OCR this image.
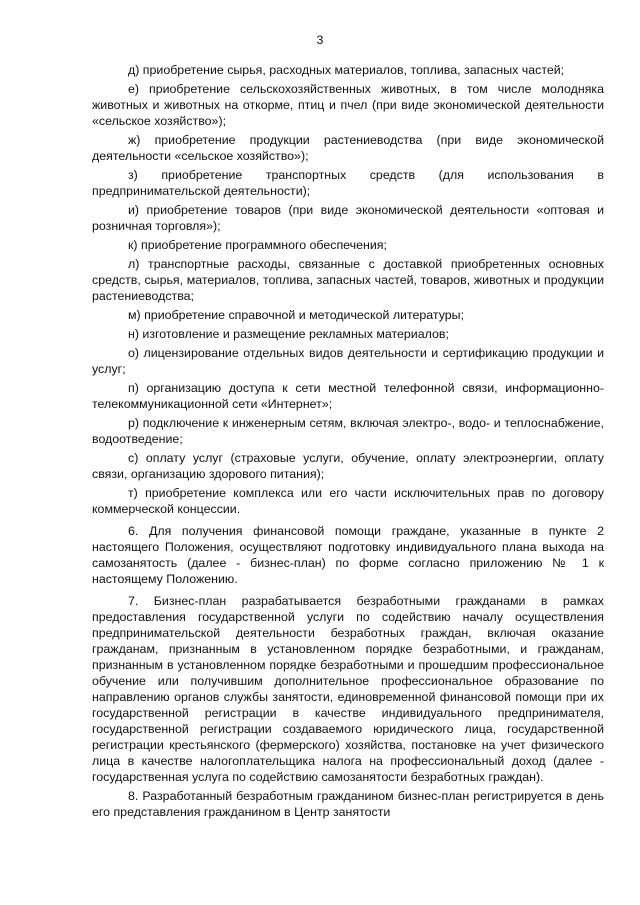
3

д) приобретение сырья, расходных материалов, топлива, запасных частей;

е) приобретение сельскохозяйственных животных, в том числе молодняка животных и животных на откорме, птиц и пчел (при виде экономической деятельности «сельское хозяйство»);

ж) приобретение продукции растениеводства (при виде экономической деятельности «сельское хозяйство»);

з) приобретение транспортных средств (для использования в предпринимательской деятельности);

и) приобретение товаров (при виде экономической деятельности «оптовая и розничная торговля»);

к) приобретение программного обеспечения;

л) транспортные расходы, связанные с доставкой приобретенных основных средств, сырья, материалов, топлива, запасных частей, товаров, животных и продукции растениеводства;

м) приобретение справочной и методической литературы;

н) изготовление и размещение рекламных материалов;

о) лицензирование отдельных видов деятельности и сертификацию продукции и услуг;

п) организацию доступа к сети местной телефонной связи, информационно-телекоммуникационной сети «Интернет»;

р) подключение к инженерным сетям, включая электро-, водо- и теплоснабжение, водоотведение;

с) оплату услуг (страховые услуги, обучение, оплату электроэнергии, оплату связи, организацию здорового питания);

т) приобретение комплекса или его части исключительных прав по договору коммерческой концессии.

6. Для получения финансовой помощи граждане, указанные в пункте 2 настоящего Положения, осуществляют подготовку индивидуального плана выхода на самозанятость (далее - бизнес-план) по форме согласно приложению № 1 к настоящему Положению.

7. Бизнес-план разрабатывается безработными гражданами в рамках предоставления государственной услуги по содействию началу осуществления предпринимательской деятельности безработных граждан, включая оказание гражданам, признанным в установленном порядке безработными, и гражданам, признанным в установленном порядке безработными и прошедшим профессиональное обучение или получившим дополнительное профессиональное образование по направлению органов службы занятости, единовременной финансовой помощи при их государственной регистрации в качестве индивидуального предпринимателя, государственной регистрации создаваемого юридического лица, государственной регистрации крестьянского (фермерского) хозяйства, постановке на учет физического лица в качестве налогоплательщика налога на профессиональный доход (далее - государственная услуга по содействию самозанятости безработных граждан).

8. Разработанный безработным гражданином бизнес-план регистрируется в день его представления гражданином в Центр занятости
